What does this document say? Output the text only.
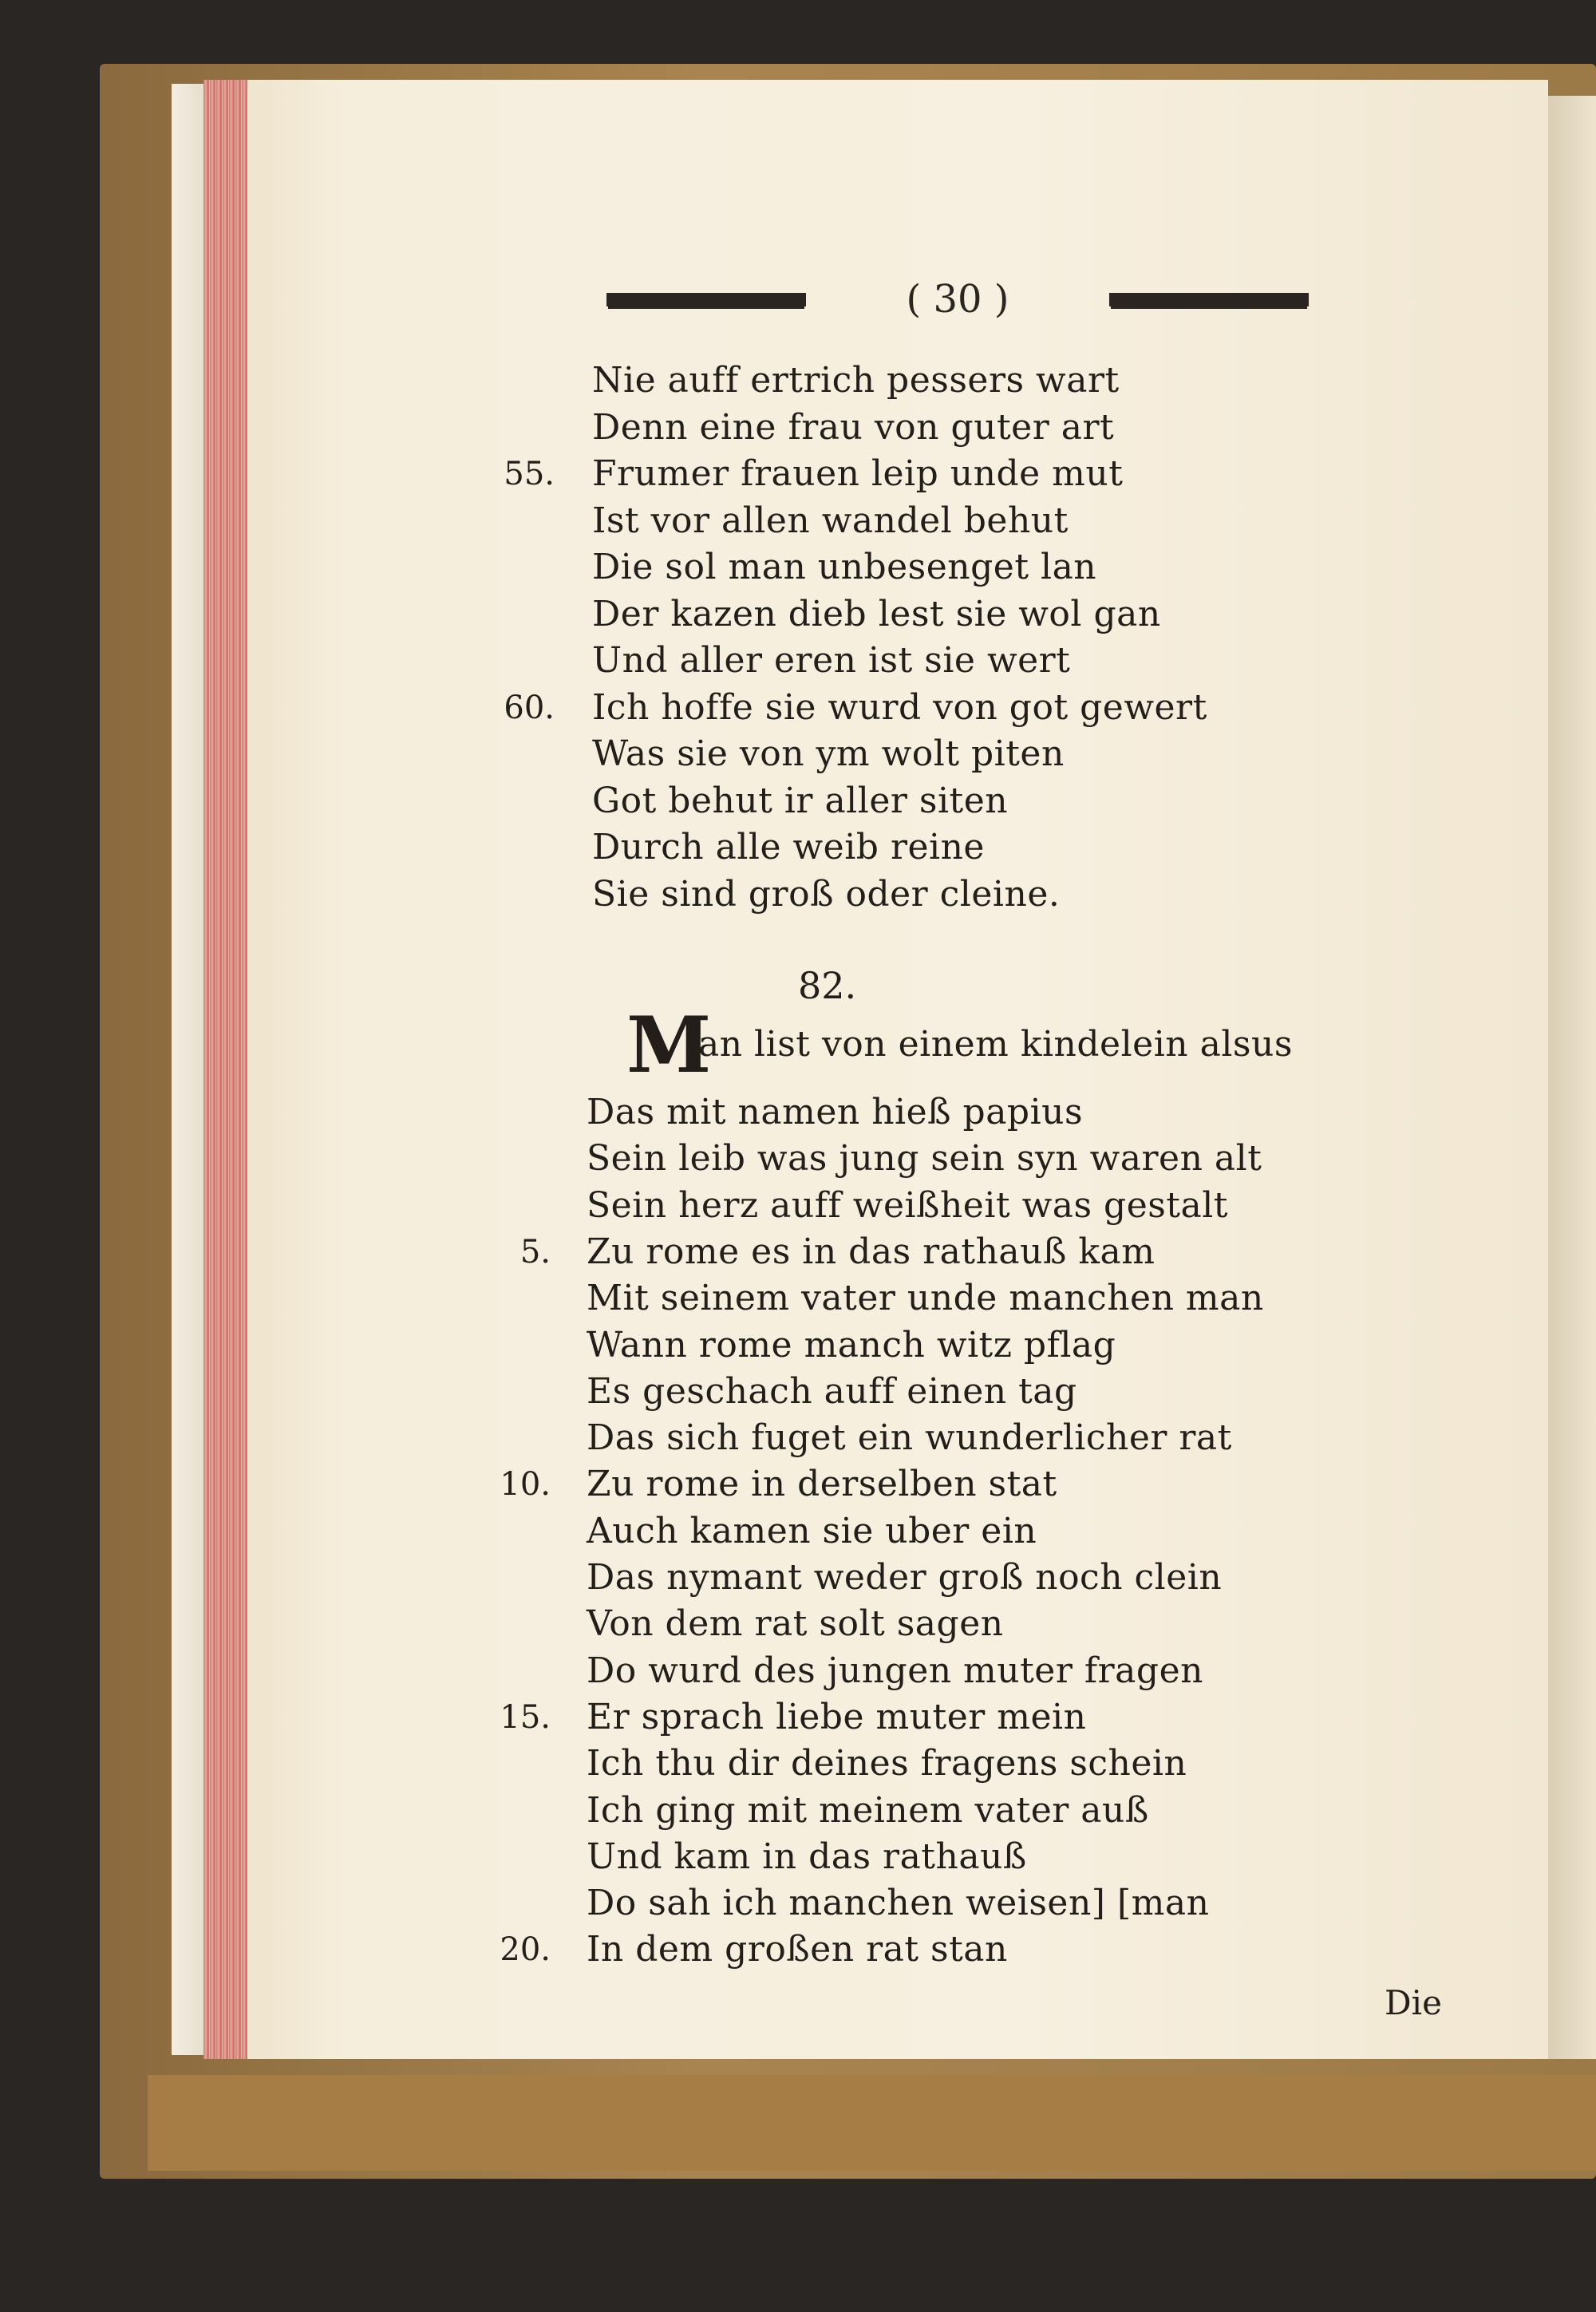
( 30 )
Nie auff ertrich pessers wart
Denn eine frau von guter art
55. Frumer frauen leip unde mut
Ist vor allen wandel behut
Die sol man unbesenget lan
Der kazen dieb lest sie wol gan
Und aller eren ist sie wert
60. Ich hoffe sie wurd von got gewert
Was sie von ym wolt piten
Got behut ir aller siten
Durch alle weib reine
Sie sind groß oder cleine.
82.
M
an list von einem kindelein alsus
Das mit namen hieß papius
Sein leib was jung sein syn waren alt
Sein herz auff weißheit was gestalt
5. Zu rome es in das rathauß kam
Mit seinem vater unde manchen man
Wann rome manch witz pflag
Es geschach auff einen tag
Das sich fuget ein wunderlicher rat
10. Zu rome in derselben stat
Auch kamen sie uber ein
Das nymant weder groß noch clein
Von dem rat solt sagen
Do wurd des jungen muter fragen
15. Er sprach liebe muter mein
Ich thu dir deines fragens schein
Ich ging mit meinem vater auß
Und kam in das rathauß
Do sah ich manchen weisen] [man
20. In dem großen rat stan
Die
